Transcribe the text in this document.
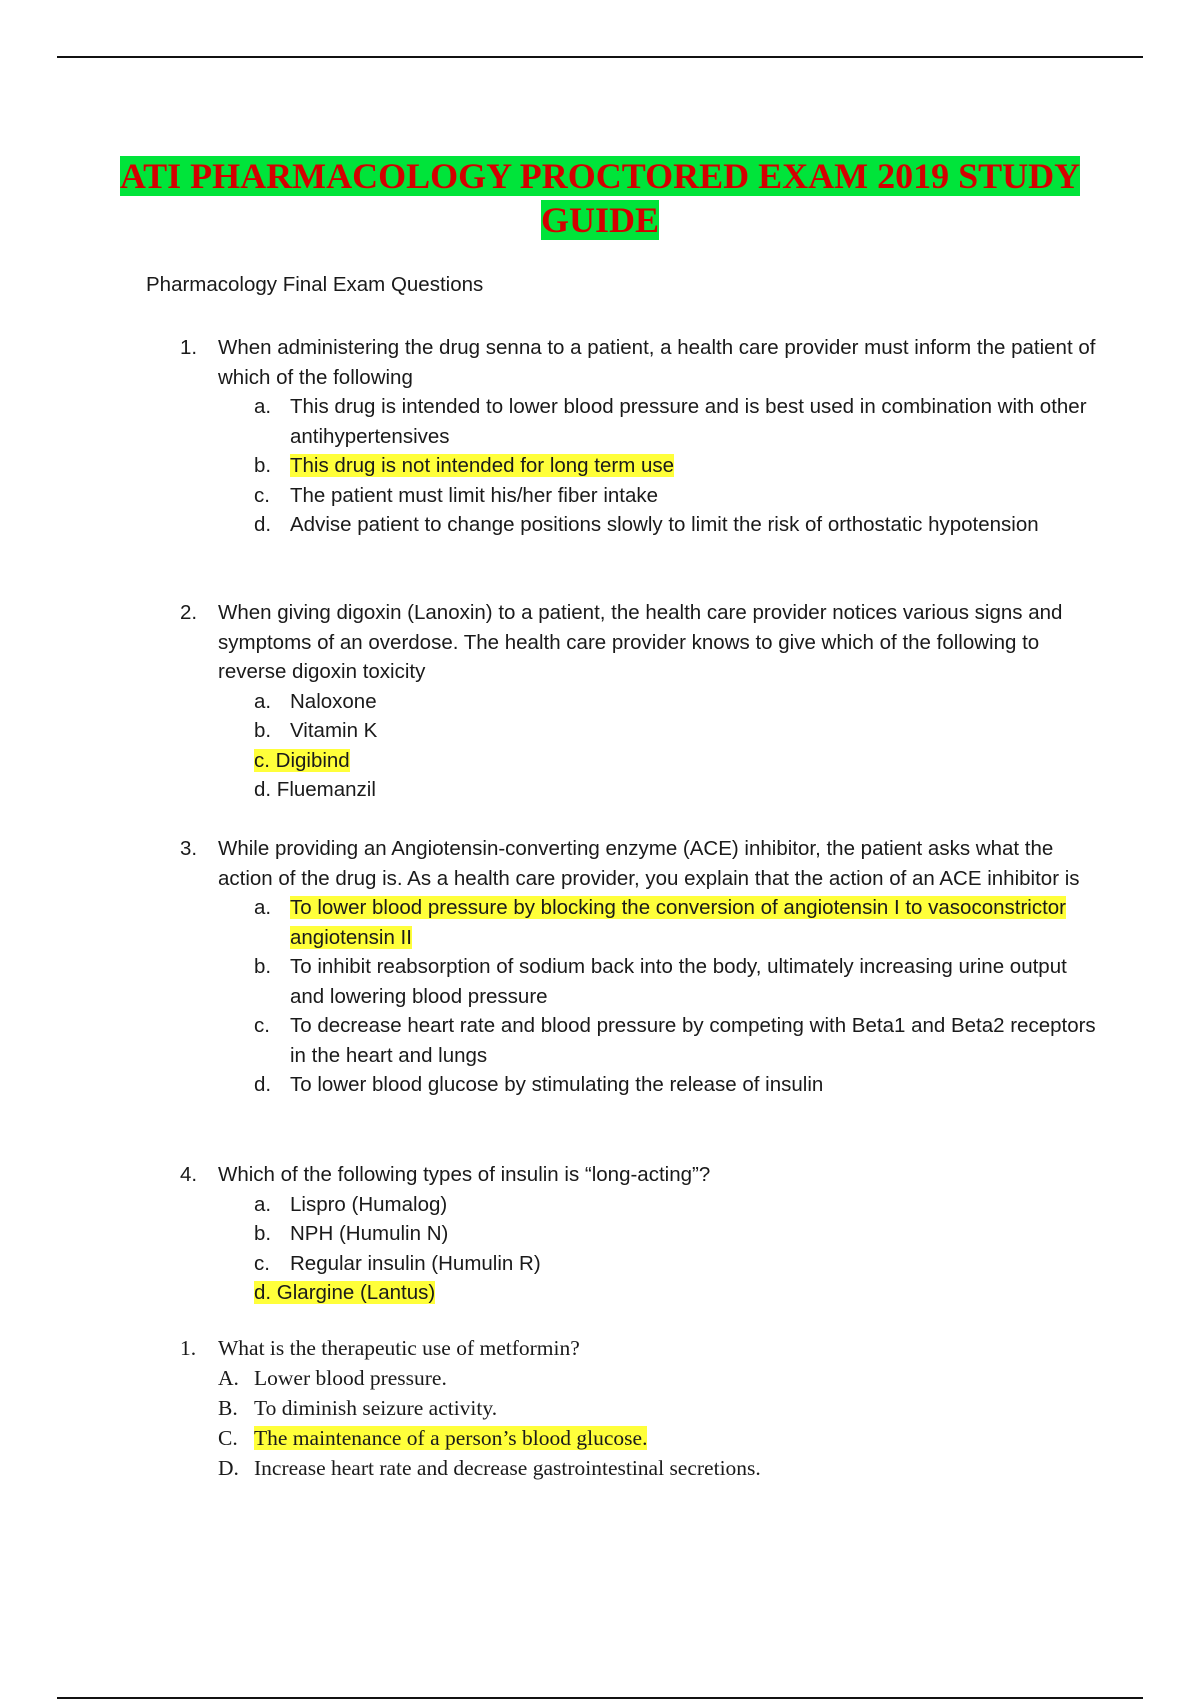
ATI PHARMACOLOGY PROCTORED EXAM 2019 STUDY
GUIDE

Pharmacology Final Exam Questions

1. When administering the drug senna to a patient, a health care provider must inform the patient of which of the following
a. This drug is intended to lower blood pressure and is best used in combination with other antihypertensives
b. This drug is not intended for long term use
c. The patient must limit his/her fiber intake
d. Advise patient to change positions slowly to limit the risk of orthostatic hypotension
2. When giving digoxin (Lanoxin) to a patient, the health care provider notices various signs and symptoms of an overdose. The health care provider knows to give which of the following to reverse digoxin toxicity
a. Naloxone
b. Vitamin K
c. Digibind
d. Fluemanzil
3. While providing an Angiotensin-converting enzyme (ACE) inhibitor, the patient asks what the action of the drug is. As a health care provider, you explain that the action of an ACE inhibitor is
a. To lower blood pressure by blocking the conversion of angiotensin I to vasoconstrictor angiotensin II
b. To inhibit reabsorption of sodium back into the body, ultimately increasing urine output and lowering blood pressure
c. To decrease heart rate and blood pressure by competing with Beta1 and Beta2 receptors in the heart and lungs
d. To lower blood glucose by stimulating the release of insulin
4. Which of the following types of insulin is “long-acting”?
a. Lispro (Humalog)
b. NPH (Humulin N)
c. Regular insulin (Humulin R)
d. Glargine (Lantus)
1. What is the therapeutic use of metformin?
A. Lower blood pressure.
B. To diminish seizure activity.
C. The maintenance of a person’s blood glucose.
D. Increase heart rate and decrease gastrointestinal secretions.
